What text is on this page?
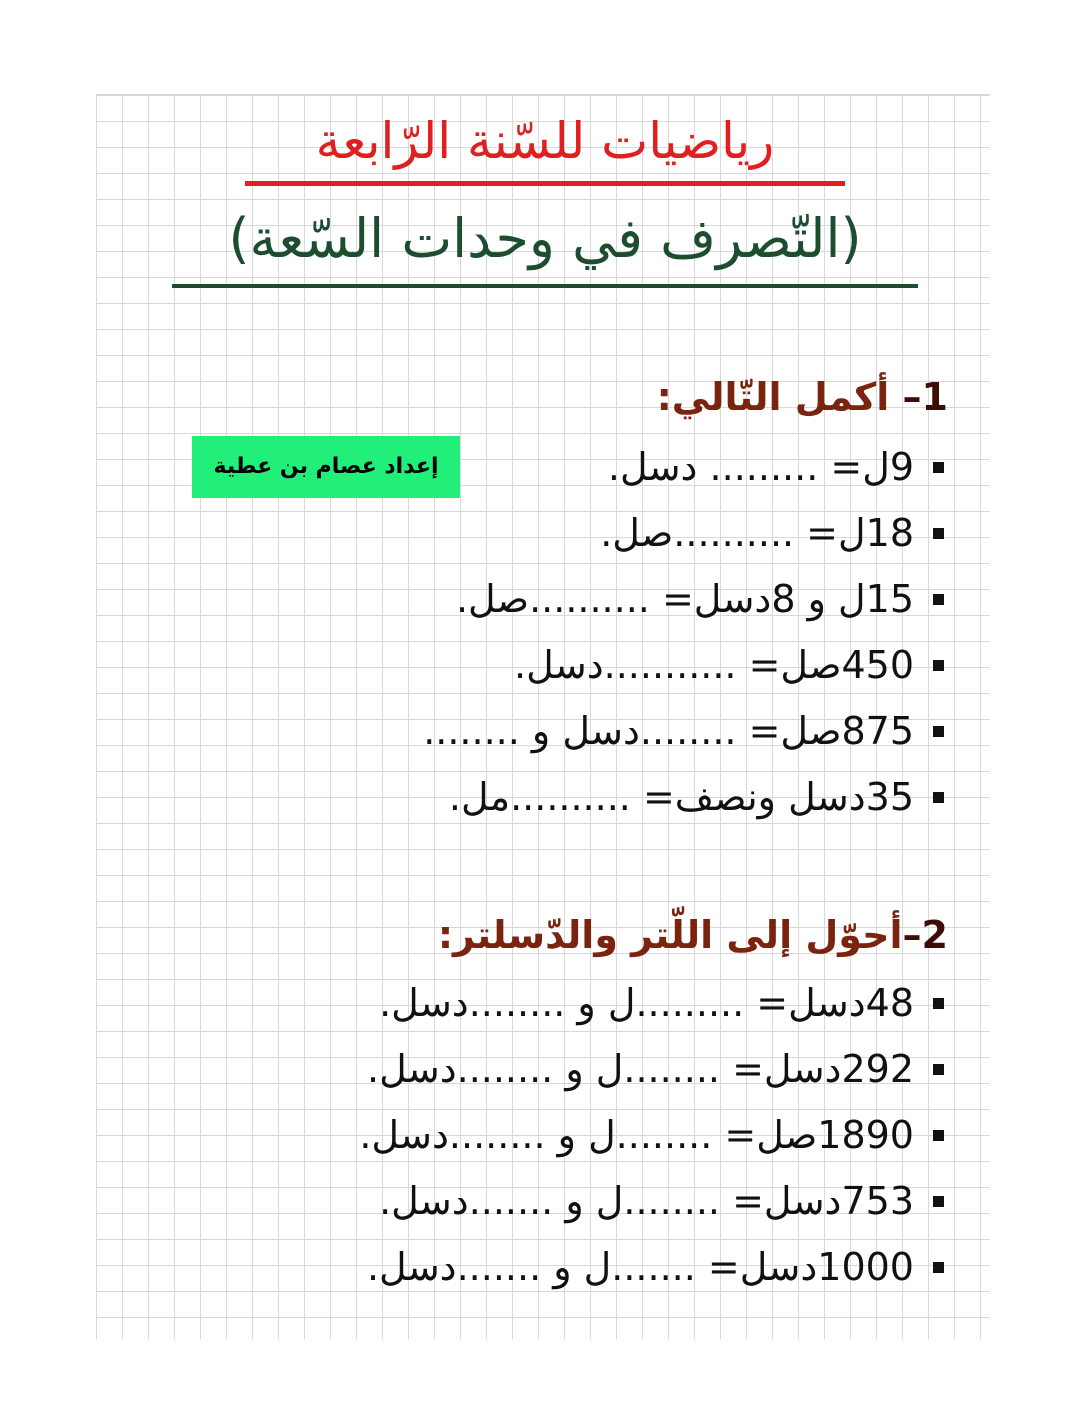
رياضيات للسّنة الرّابعة
(التّصرف في وحدات السّعة)
1– أكمل التّالي:
إعداد عصام بن عطية	9ل= ......... دسل.
18ل= ..........صل.
15ل و 8دسل= ..........صل.
450صل= ...........دسل.
875صل= ........دسل و ........
35دسل ونصف= ..........مل.
2–أحوّل إلى اللّتر والدّسلتر:
48دسل= .........ل و ........دسل.
292دسل= ........ل و ........دسل.
1890صل= ........ل و ........دسل.
753دسل= ........ل و .......دسل.
1000دسل= .......ل و .......دسل.
